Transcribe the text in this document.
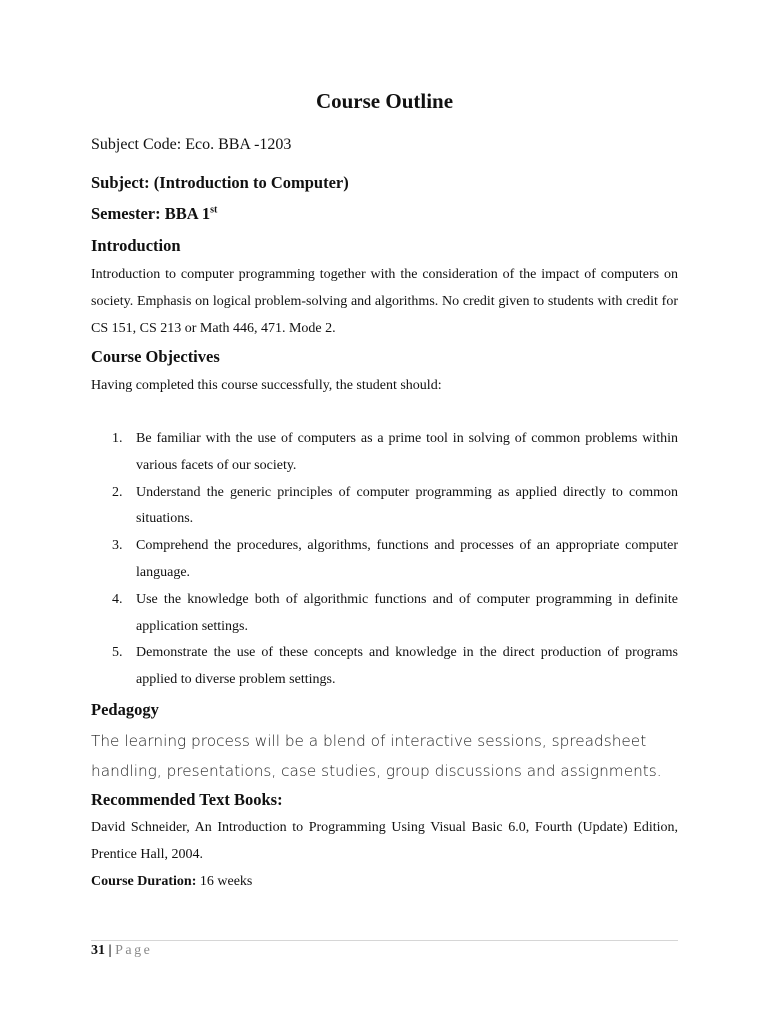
Course Outline
Subject Code: Eco. BBA -1203
Subject: (Introduction to Computer)
Semester: BBA 1st
Introduction
Introduction to computer programming together with the consideration of the impact of computers on society. Emphasis on logical problem-solving and algorithms. No credit given to students with credit for CS 151, CS 213 or Math 446, 471. Mode 2.
Course Objectives
Having completed this course successfully, the student should:
1. Be familiar with the use of computers as a prime tool in solving of common problems within various facets of our society.
2. Understand the generic principles of computer programming as applied directly to common situations.
3. Comprehend the procedures, algorithms, functions and processes of an appropriate computer language.
4. Use the knowledge both of algorithmic functions and of computer programming in definite application settings.
5. Demonstrate the use of these concepts and knowledge in the direct production of programs applied to diverse problem settings.
Pedagogy
The learning process will be a blend of interactive sessions, spreadsheet handling, presentations, case studies, group discussions and assignments.
Recommended Text Books:
David Schneider, An Introduction to Programming Using Visual Basic 6.0, Fourth (Update) Edition, Prentice Hall, 2004.
Course Duration: 16 weeks
31 | Page
